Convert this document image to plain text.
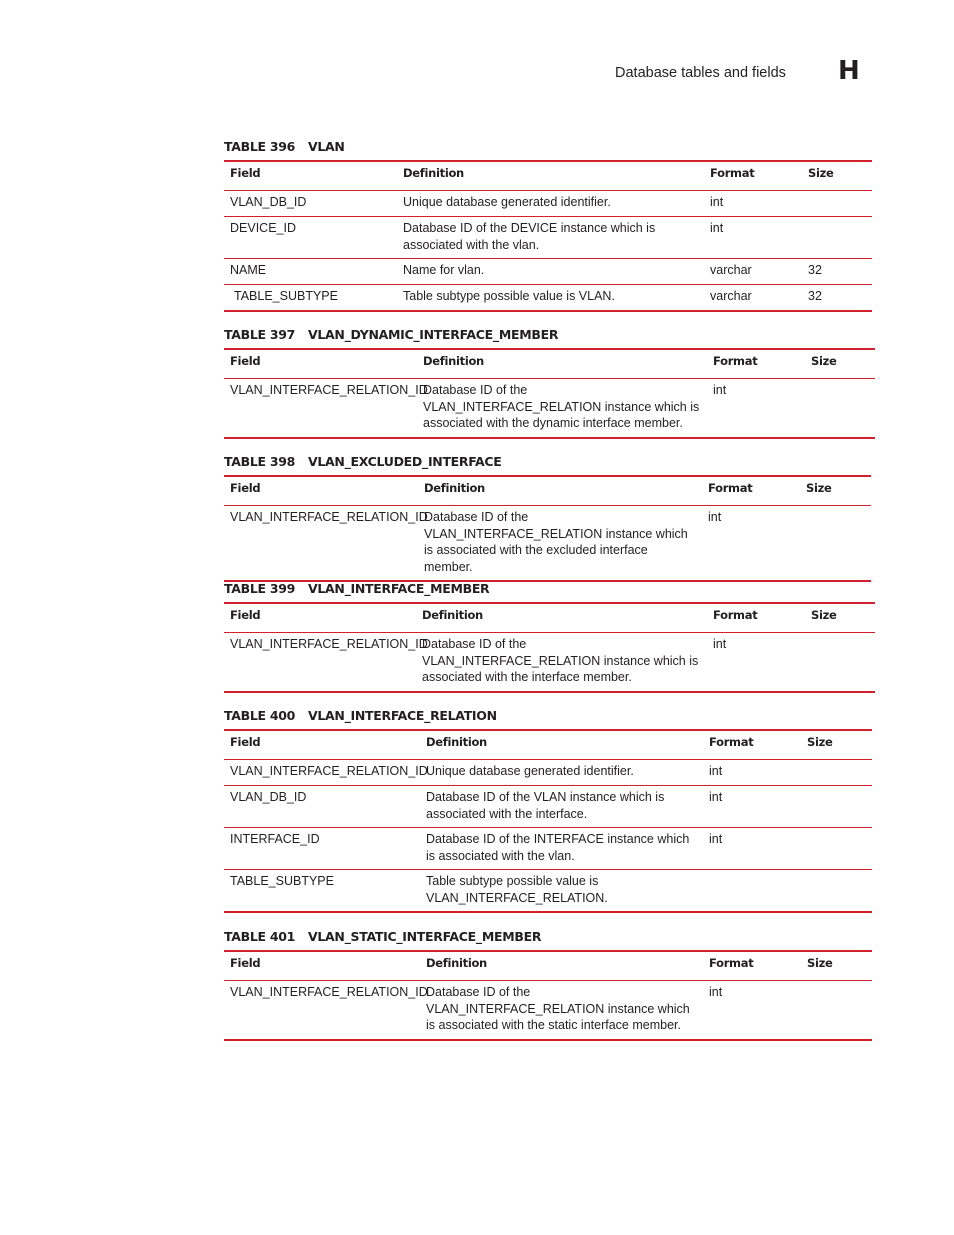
Database tables and fields H
TABLE 396 VLAN
Field	Definition	Format	Size
VLAN_DB_ID	Unique database generated identifier.	int	
DEVICE_ID	Database ID of the DEVICE instance which is associated with the vlan.	int	
NAME	Name for vlan.	varchar	32
TABLE_SUBTYPE	Table subtype possible value is VLAN.	varchar	32
TABLE 397 VLAN_DYNAMIC_INTERFACE_MEMBER
Field	Definition	Format	Size
VLAN_INTERFACE_RELATION_ID	Database ID of the VLAN_INTERFACE_RELATION instance which is associated with the dynamic interface member.	int	
TABLE 398 VLAN_EXCLUDED_INTERFACE
Field	Definition	Format	Size
VLAN_INTERFACE_RELATION_ID	Database ID of the VLAN_INTERFACE_RELATION instance which is associated with the excluded interface member.	int	
TABLE 399 VLAN_INTERFACE_MEMBER
Field	Definition	Format	Size
VLAN_INTERFACE_RELATION_ID	Database ID of the VLAN_INTERFACE_RELATION instance which is associated with the interface member.	int	
TABLE 400 VLAN_INTERFACE_RELATION
Field	Definition	Format	Size
VLAN_INTERFACE_RELATION_ID	Unique database generated identifier.	int	
VLAN_DB_ID	Database ID of the VLAN instance which is associated with the interface.	int	
INTERFACE_ID	Database ID of the INTERFACE instance which is associated with the vlan.	int	
TABLE_SUBTYPE	Table subtype possible value is VLAN_INTERFACE_RELATION.		
TABLE 401 VLAN_STATIC_INTERFACE_MEMBER
Field	Definition	Format	Size
VLAN_INTERFACE_RELATION_ID	Database ID of the VLAN_INTERFACE_RELATION instance which is associated with the static interface member.	int	
